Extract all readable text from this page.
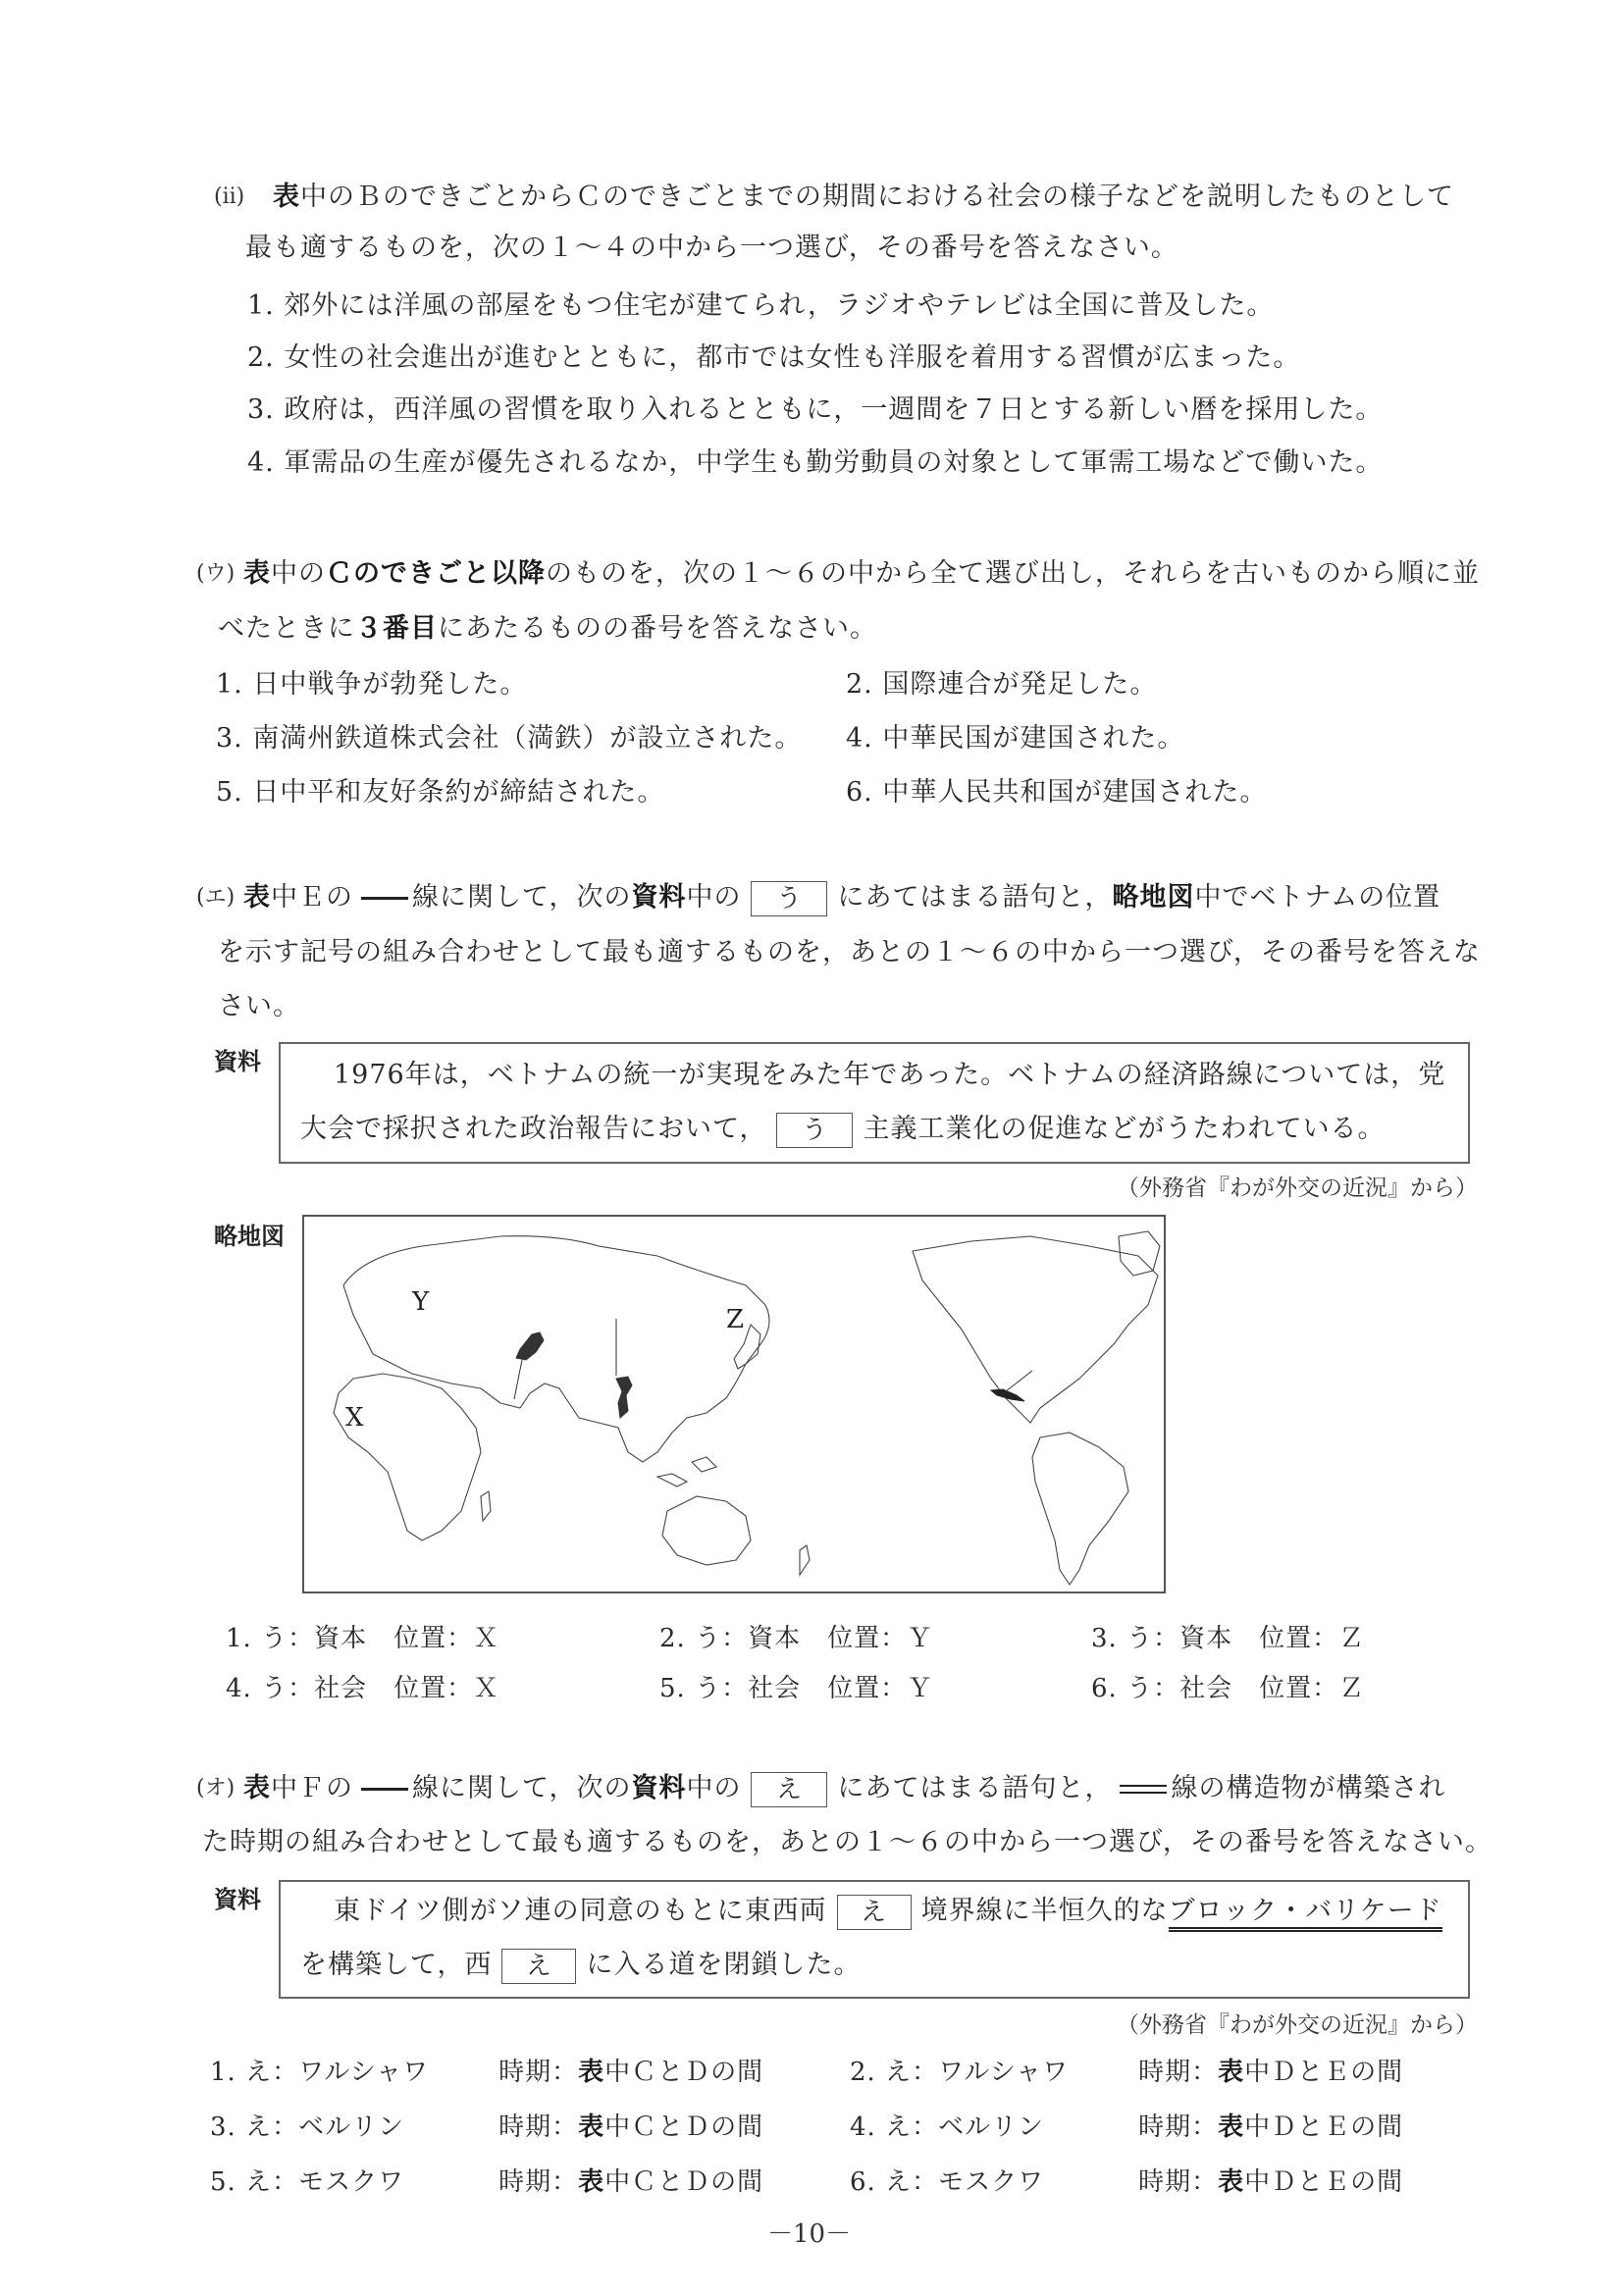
(ii) 表中のＢのできごとからＣのできごとまでの期間における社会の様子などを説明したものとして
最も適するものを，次の１～４の中から一つ選び，その番号を答えなさい。
1. 郊外には洋風の部屋をもつ住宅が建てられ，ラジオやテレビは全国に普及した。
2. 女性の社会進出が進むとともに，都市では女性も洋服を着用する習慣が広まった。
3. 政府は，西洋風の習慣を取り入れるとともに，一週間を７日とする新しい暦を採用した。
4. 軍需品の生産が優先されるなか，中学生も勤労動員の対象として軍需工場などで働いた。
(ウ) 表中のＣのできごと以降のものを，次の１～６の中から全て選び出し，それらを古いものから順に並
べたときに３番目にあたるものの番号を答えなさい。
1. 日中戦争が勃発した。	2. 国際連合が発足した。
3. 南満州鉄道株式会社（満鉄）が設立された。 4. 中華民国が建国された。
5. 日中平和友好条約が締結された。	6. 中華人民共和国が建国された。
(エ) 表中Ｅの 線に関して，次の資料中の う にあてはまる語句と，略地図中でベトナムの位置
を示す記号の組み合わせとして最も適するものを，あとの１～６の中から一つ選び，その番号を答えな
さい。
資料	1976年は，ベトナムの統一が実現をみた年であった。ベトナムの経済路線については，党
大会で採択された政治報告において， う 主義工業化の促進などがうたわれている。
（外務省『わが外交の近況』から）
略地図
X
Y
Z
1. う：資本　位置：Ｘ	2. う：資本　位置：Ｙ	3. う：資本　位置：Ｚ
4. う：社会　位置：Ｘ	5. う：社会　位置：Ｙ	6. う：社会　位置：Ｚ
(オ) 表中Ｆの 線に関して，次の資料中の え にあてはまる語句と， 線の構造物が構築され
た時期の組み合わせとして最も適するものを，あとの１～６の中から一つ選び，その番号を答えなさい。
資料	東ドイツ側がソ連の同意のもとに東西両 え 境界線に半恒久的なブロック・バリケード
を構築して，西 え に入る道を閉鎖した。
（外務省『わが外交の近況』から）
1. え：ワルシャワ	時期：表中ＣとＤの間	2. え：ワルシャワ	時期：表中ＤとＥの間
3. え：ベルリン	時期：表中ＣとＤの間	4. え：ベルリン	時期：表中ＤとＥの間
5. え：モスクワ	時期：表中ＣとＤの間	6. え：モスクワ	時期：表中ＤとＥの間
－10－
